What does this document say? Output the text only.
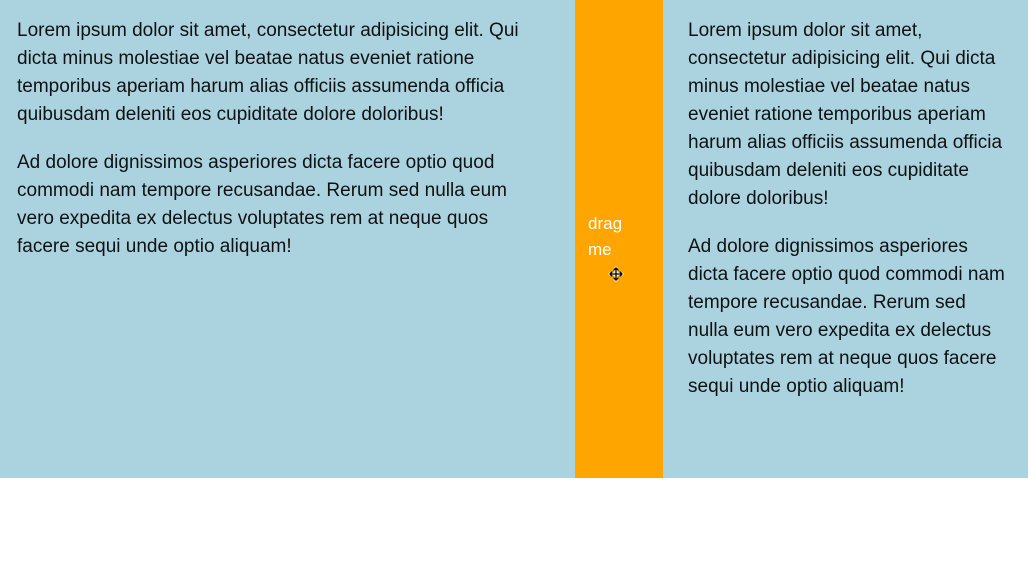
Lorem ipsum dolor sit amet, consectetur adipisicing elit. Qui dicta minus molestiae vel beatae natus eveniet ratione temporibus aperiam harum alias officiis assumenda officia quibusdam deleniti eos cupiditate dolore doloribus!

Ad dolore dignissimos asperiores dicta facere optio quod commodi nam tempore recusandae. Rerum sed nulla eum vero expedita ex delectus voluptates rem at neque quos facere sequi unde optio aliquam!

drag me

Lorem ipsum dolor sit amet, consectetur adipisicing elit. Qui dicta minus molestiae vel beatae natus eveniet ratione temporibus aperiam harum alias officiis assumenda officia quibusdam deleniti eos cupiditate dolore doloribus!

Ad dolore dignissimos asperiores dicta facere optio quod commodi nam tempore recusandae. Rerum sed nulla eum vero expedita ex delectus voluptates rem at neque quos facere sequi unde optio aliquam!
